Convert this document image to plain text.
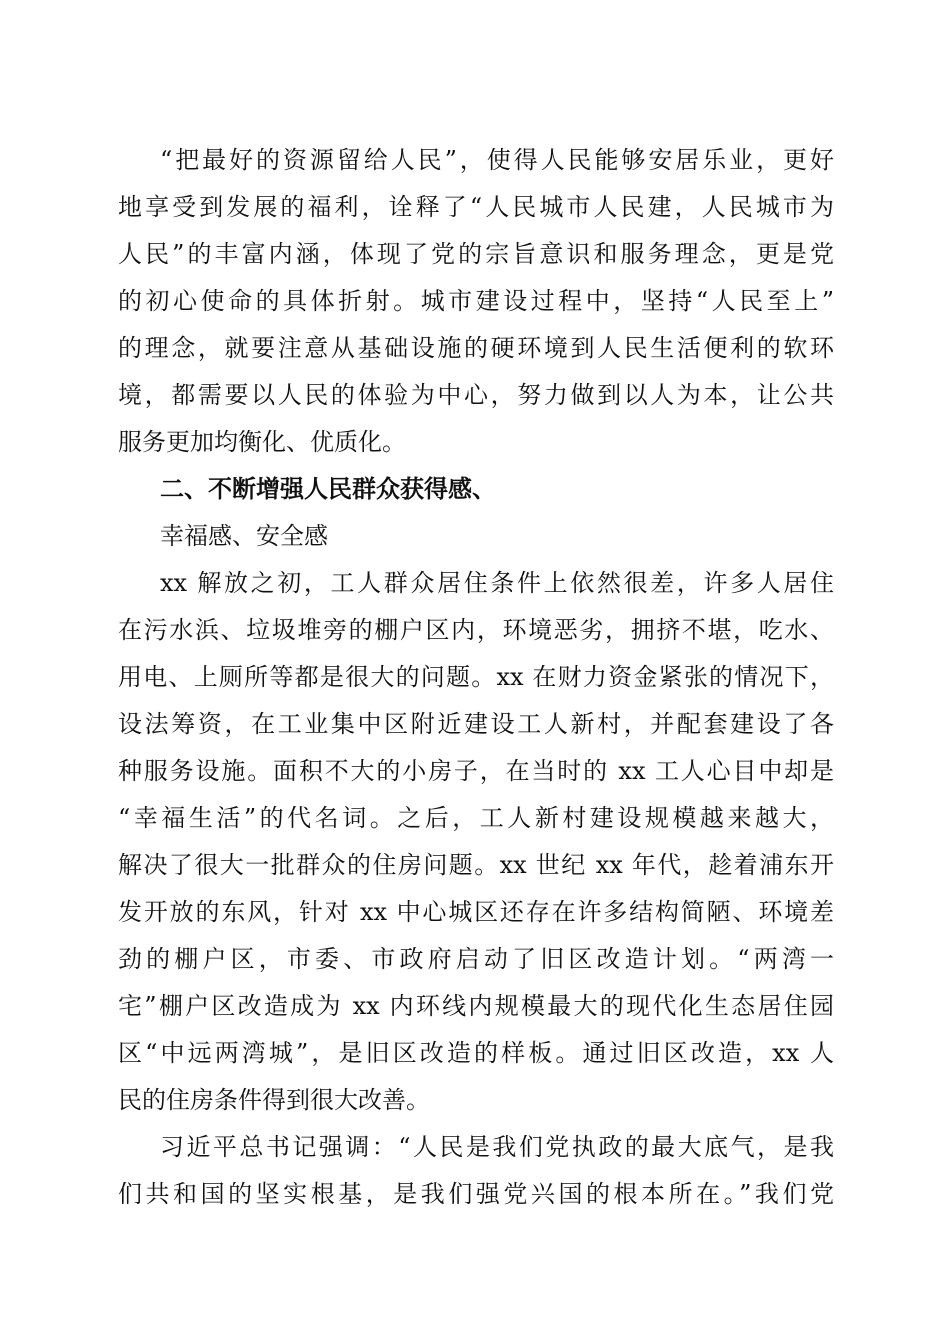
“把最好的资源留给人民”，使得人民能够安居乐业，更好

地享受到发展的福利，诠释了“人民城市人民建，人民城市为

人民”的丰富内涵，体现了党的宗旨意识和服务理念，更是党

的初心使命的具体折射。城市建设过程中，坚持“人民至上”

的理念，就要注意从基础设施的硬环境到人民生活便利的软环

境，都需要以人民的体验为中心，努力做到以人为本，让公共

服务更加均衡化、优质化。

二、不断增强人民群众获得感、

幸福感、安全感

xx 解放之初，工人群众居住条件上依然很差，许多人居住

在污水浜、垃圾堆旁的棚户区内，环境恶劣，拥挤不堪，吃水、

用电、上厕所等都是很大的问题。xx 在财力资金紧张的情况下，

设法筹资，在工业集中区附近建设工人新村，并配套建设了各

种服务设施。面积不大的小房子，在当时的 xx 工人心目中却是

“幸福生活”的代名词。之后，工人新村建设规模越来越大，

解决了很大一批群众的住房问题。xx 世纪 xx 年代，趁着浦东开

发开放的东风，针对 xx 中心城区还存在许多结构简陋、环境差

劲的棚户区，市委、市政府启动了旧区改造计划。“两湾一

宅”棚户区改造成为 xx 内环线内规模最大的现代化生态居住园

区“中远两湾城”，是旧区改造的样板。通过旧区改造，xx 人

民的住房条件得到很大改善。

习近平总书记强调：“人民是我们党执政的最大底气，是我

们共和国的坚实根基，是我们强党兴国的根本所在。”我们党
